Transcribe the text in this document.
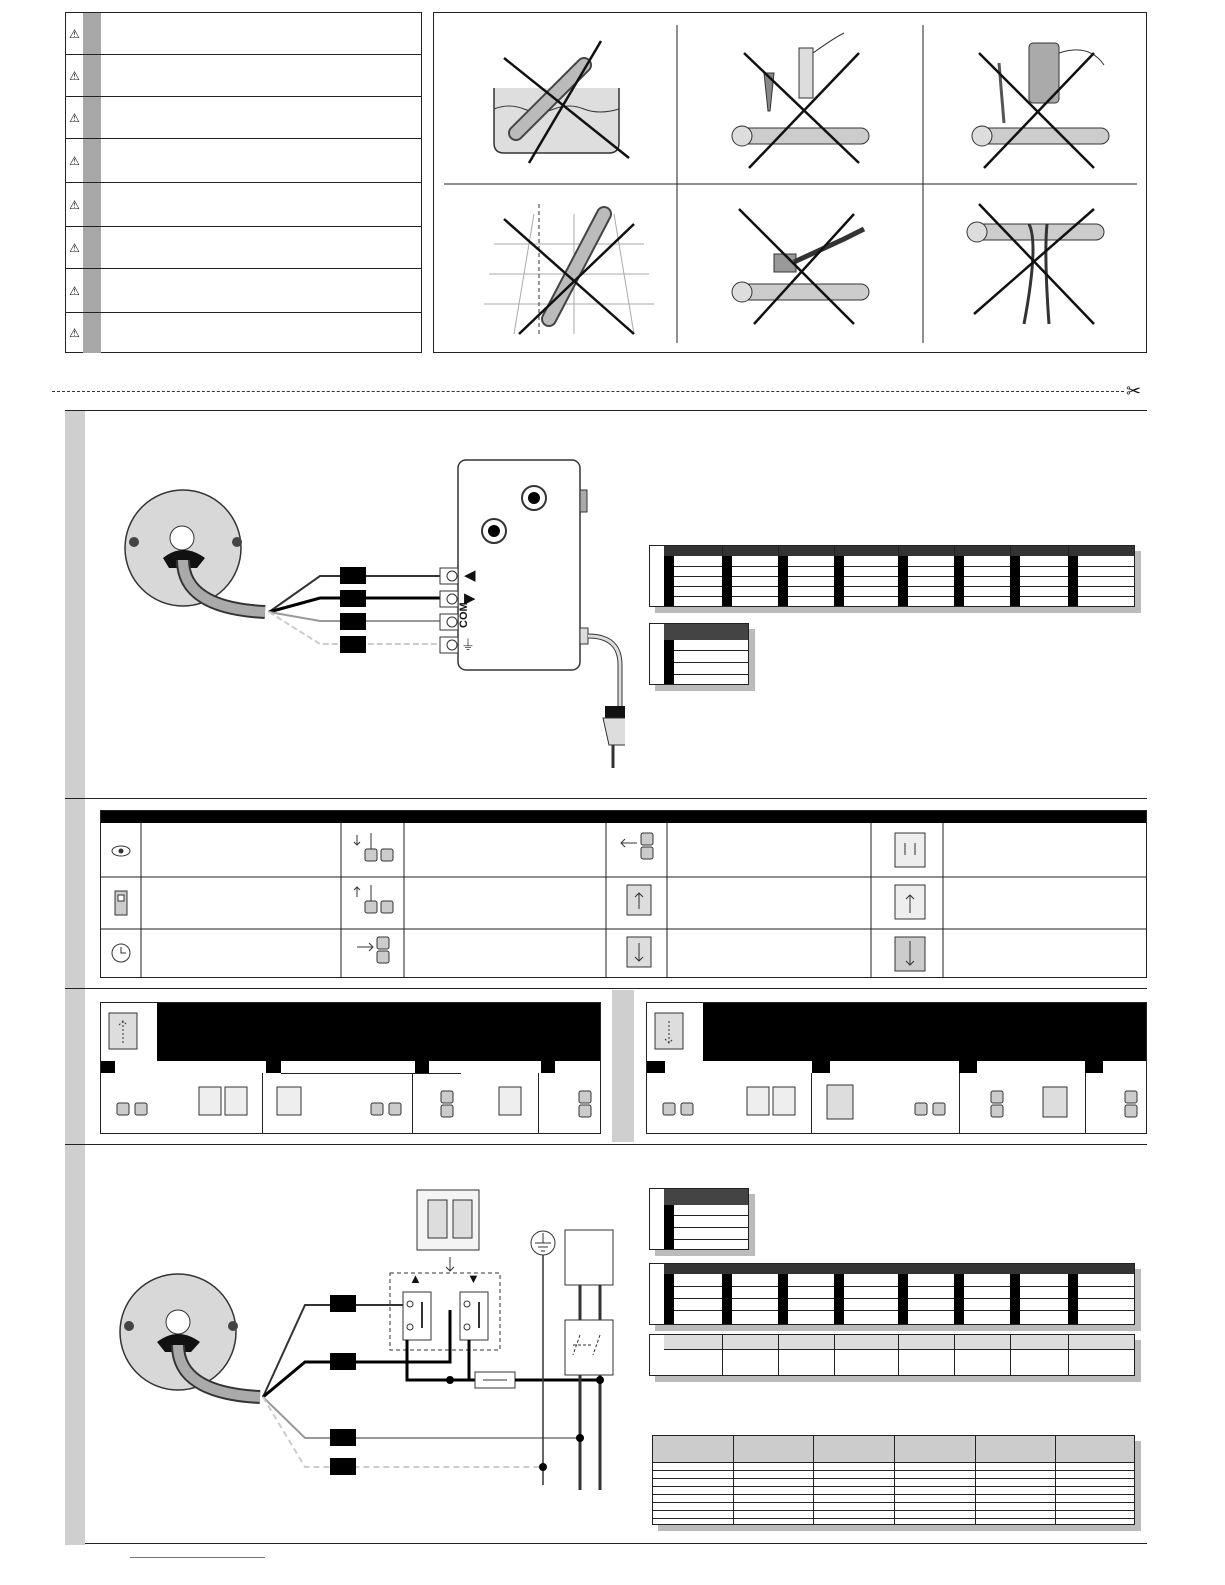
⚠
⚠
⚠
⚠
⚠
⚠
⚠
⚠
✂
◀
▶
COM
⏚
▲	▼
